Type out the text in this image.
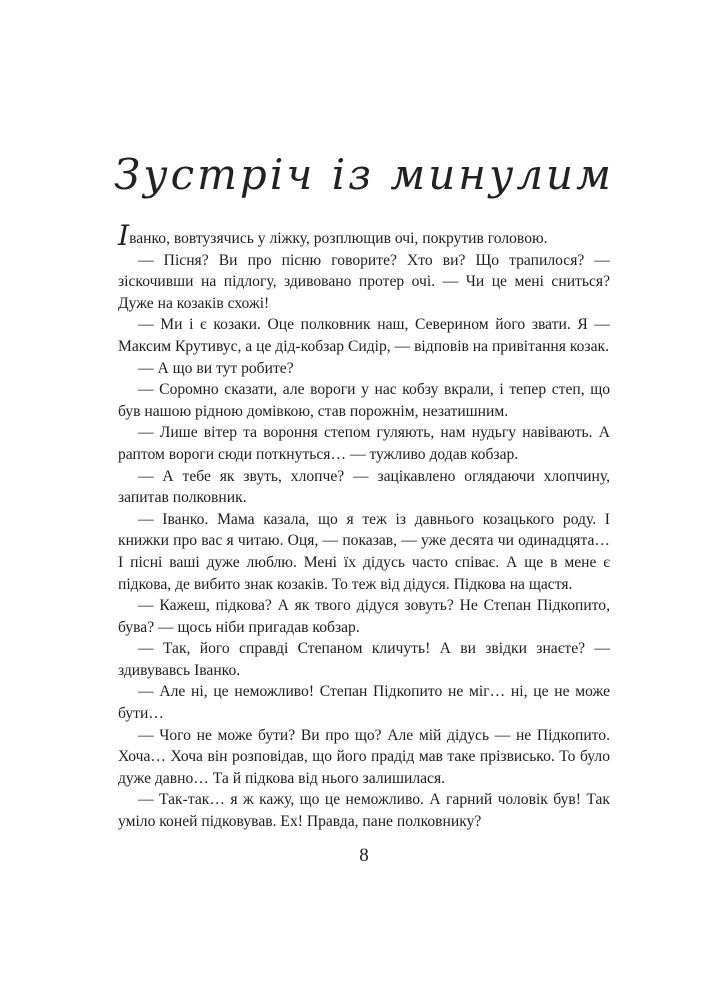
Зустріч із минулим

Іванко, вовтузячись у ліжку, розплющив очі, покрутив головою.

— Пісня? Ви про пісню говорите? Хто ви? Що трапилося? — зіскочивши на підлогу, здивовано протер очі. — Чи це мені сниться? Дуже на козаків схожі!

— Ми і є козаки. Оце полковник наш, Северином його звати. Я — Максим Крутивус, а це дід-кобзар Сидір, — відповів на привітання козак.

— А що ви тут робите?

— Соромно сказати, але вороги у нас кобзу вкрали, і тепер степ, що був нашою рідною домівкою, став порожнім, незатишним.

— Лише вітер та вороння степом гуляють, нам нудьгу навівають. А раптом вороги сюди поткнуться… — тужливо додав кобзар.

— А тебе як звуть, хлопче? — зацікавлено оглядаючи хлопчину, запитав полковник.

— Іванко. Мама казала, що я теж із давнього козацького роду. І книжки про вас я читаю. Оця, — показав, — уже десята чи одинадцята… І пісні ваші дуже люблю. Мені їх дідусь часто співає. А ще в мене є підкова, де вибито знак козаків. То теж від дідуся. Підкова на щастя.

— Кажеш, підкова? А як твого дідуся зовуть? Не Степан Підкопито, бува? — щось ніби пригадав кобзар.

— Так, його справді Степаном кличуть! А ви звідки знаєте? — здивувавсь Іванко.

— Але ні, це неможливо! Степан Підкопито не міг… ні, це не може бути…

— Чого не може бути? Ви про що? Але мій дідусь — не Підкопито. Хоча… Хоча він розповідав, що його прадід мав таке прізвисько. То було дуже давно… Та й підкова від нього залишилася.

— Так-так… я ж кажу, що це неможливо. А гарний чоловік був! Так уміло коней підковував. Ех! Правда, пане полковнику?

8
